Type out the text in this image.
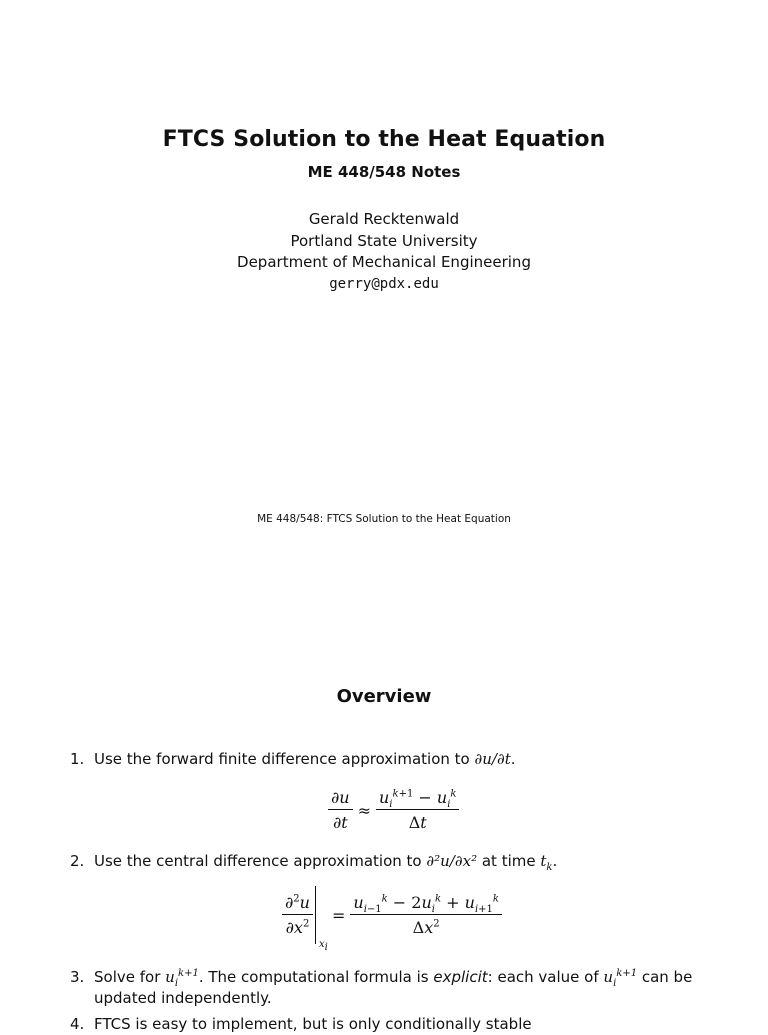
FTCS Solution to the Heat Equation
ME 448/548 Notes
Gerald Recktenwald
Portland State University
Department of Mechanical Engineering
gerry@pdx.edu
ME 448/548: FTCS Solution to the Heat Equation
Overview
1. Use the forward finite difference approximation to ∂u/∂t.
$\frac{\partial u}{\partial t} \approx \frac{u_i^{k+1} - u_i^k}{\Delta t}$
2. Use the central difference approximation to ∂²u/∂x² at time $t_k$.
$\frac{\partial^2u}{\partial x^2}$
$x_i$
= $\frac{u_{i-1}^k - 2u_i^k + u_{i+1}^k}{\Delta x^2}$
3. Solve for $u_i^{k+1}$. The computational formula is explicit: each value of $u_i^{k+1}$ can be updated independently.
4. FTCS is easy to implement, but is only conditionally stable
